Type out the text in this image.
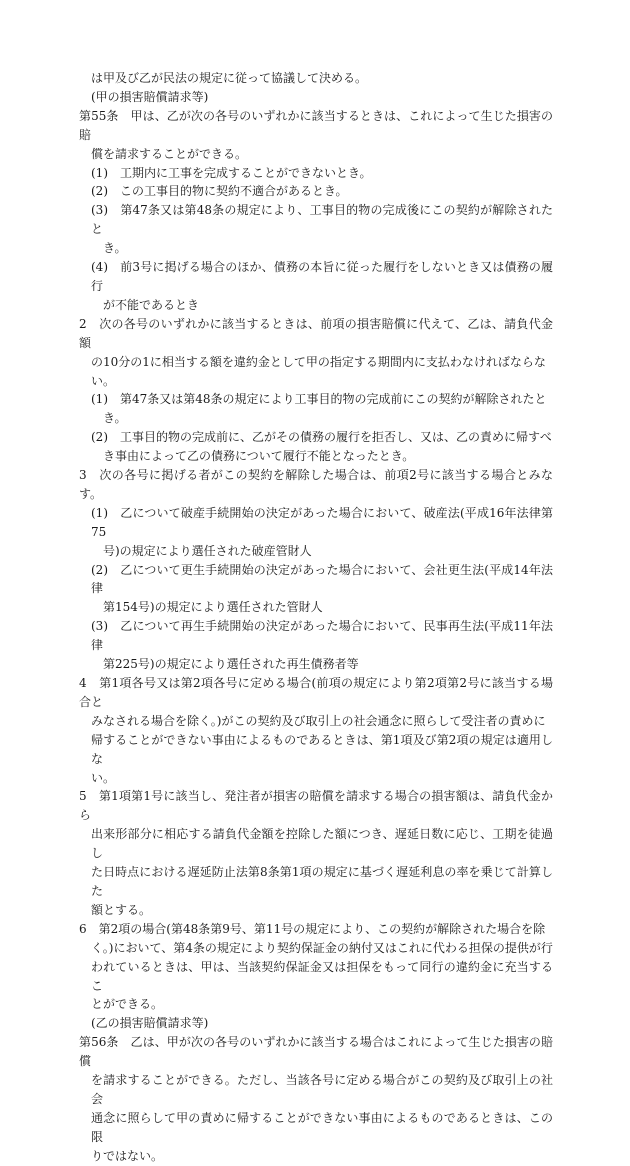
は甲及び乙が民法の規定に従って協議して決める。

(甲の損害賠償請求等)

第55条　甲は、乙が次の各号のいずれかに該当するときは、これによって生じた損害の賠

償を請求することができる。

(1)　工期内に工事を完成することができないとき。

(2)　この工事目的物に契約不適合があるとき。

(3)　第47条又は第48条の規定により、工事目的物の完成後にこの契約が解除されたと

き。

(4)　前3号に掲げる場合のほか、債務の本旨に従った履行をしないとき又は債務の履行

が不能であるとき

2　次の各号のいずれかに該当するときは、前項の損害賠償に代えて、乙は、請負代金額

の10分の1に相当する額を違約金として甲の指定する期間内に支払わなければならな

い。

(1)　第47条又は第48条の規定により工事目的物の完成前にこの契約が解除されたと

き。

(2)　工事目的物の完成前に、乙がその債務の履行を拒否し、又は、乙の責めに帰すべ

き事由によって乙の債務について履行不能となったとき。

3　次の各号に掲げる者がこの契約を解除した場合は、前項2号に該当する場合とみなす。

(1)　乙について破産手続開始の決定があった場合において、破産法(平成16年法律第75

号)の規定により選任された破産管財人

(2)　乙について更生手続開始の決定があった場合において、会社更生法(平成14年法律

第154号)の規定により選任された管財人

(3)　乙について再生手続開始の決定があった場合において、民事再生法(平成11年法律

第225号)の規定により選任された再生債務者等

4　第1項各号又は第2項各号に定める場合(前項の規定により第2項第2号に該当する場合と

みなされる場合を除く。)がこの契約及び取引上の社会通念に照らして受注者の責めに

帰することができない事由によるものであるときは、第1項及び第2項の規定は適用しな

い。

5　第1項第1号に該当し、発注者が損害の賠償を請求する場合の損害額は、請負代金から

出来形部分に相応する請負代金額を控除した額につき、遅延日数に応じ、工期を徒過し

た日時点における遅延防止法第8条第1項の規定に基づく遅延利息の率を乗じて計算した

額とする。

6　第2項の場合(第48条第9号、第11号の規定により、この契約が解除された場合を除

く。)において、第4条の規定により契約保証金の納付又はこれに代わる担保の提供が行

われているときは、甲は、当該契約保証金又は担保をもって同行の違約金に充当するこ

とができる。

(乙の損害賠償請求等)

第56条　乙は、甲が次の各号のいずれかに該当する場合はこれによって生じた損害の賠償

を請求することができる。ただし、当該各号に定める場合がこの契約及び取引上の社会

通念に照らして甲の責めに帰することができない事由によるものであるときは、この限

りではない。
